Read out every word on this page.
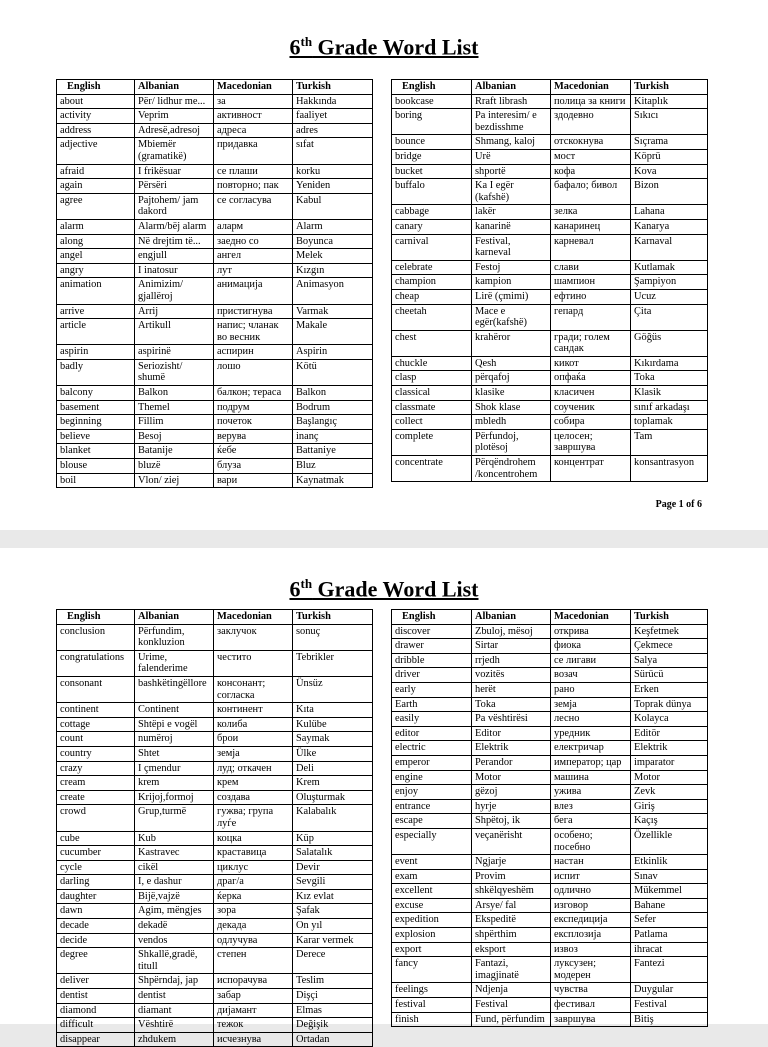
6th Grade Word List
English	Albanian	Macedonian	Turkish
about	Për/ lidhur me...	за	Hakkında
activity	Veprim	активност	faaliyet
address	Adresë,adresoj	адреса	adres
adjective	Mbiemër (gramatikë)	придавка	sıfat
afraid	I frikësuar	се плаши	korku
again	Përsëri	повторно; пак	Yeniden
agree	Pajtohem/ jam dakord	се согласува	Kabul
alarm	Alarm/bëj alarm	аларм	Alarm
along	Në drejtim të...	заедно со	Boyunca
angel	engjull	ангел	Melek
angry	I inatosur	лут	Kızgın
animation	Animizim/ gjallëroj	анимација	Animasyon
arrive	Arrij	пристигнува	Varmak
article	Artikull	напис; чланак во весник	Makale
aspirin	aspirinë	аспирин	Aspirin
badly	Seriozisht/ shumë	лошо	Kötü
balcony	Balkon	балкон; тераса	Balkon
basement	Themel	подрум	Bodrum
beginning	Fillim	почеток	Başlangıç
believe	Besoj	верува	inanç
blanket	Batanije	ќебе	Battaniye
blouse	bluzë	блуза	Bluz
boil	Vlon/ ziej	вари	Kaynatmak
English	Albanian	Macedonian	Turkish
bookcase	Rraft librash	полица за книги	Kitaplık
boring	Pa interesim/ e bezdisshme	здодевно	Sıkıcı
bounce	Shmang, kaloj	отскокнува	Sıçrama
bridge	Urë	мост	Köprü
bucket	shportë	кофа	Kova
buffalo	Ka I egër (kafshë)	бафало; бивол	Bizon
cabbage	lakër	зелка	Lahana
canary	kanarinë	канаринец	Kanarya
carnival	Festival, karneval	карневал	Karnaval
celebrate	Festoj	слави	Kutlamak
champion	kampion	шампион	Şampiyon
cheap	Lirë (çmimi)	ефтино	Ucuz
cheetah	Mace e egër(kafshë)	гепард	Çita
chest	krahëror	гради; голем сандак	Göğüs
chuckle	Qesh	кикот	Kıkırdama
clasp	përqafoj	опфаќа	Toka
classical	klasike	класичен	Klasik
classmate	Shok klase	соученик	sınıf arkadaşı
collect	mbledh	собира	toplamak
complete	Përfundoj, plotësoj	целосен; завршува	Tam
concentrate	Përqëndrohem /koncentrohem	концентрат	konsantrasyon
Page 1 of 6
6th Grade Word List
English	Albanian	Macedonian	Turkish
conclusion	Përfundim, konkluzion	заклучок	sonuç
congratulations	Urime, falenderime	честито	Tebrikler
consonant	bashkëtingëllore	консонант; согласка	Ünsüz
continent	Continent	континент	Kıta
cottage	Shtëpi e vogël	колиба	Kulübe
count	numëroj	брои	Saymak
country	Shtet	земја	Ülke
crazy	I çmendur	луд; откачен	Deli
cream	krem	крем	Krem
create	Krijoj,formoj	создава	Oluşturmak
crowd	Grup,turmë	гужва; група луѓе	Kalabalık
cube	Kub	коцка	Küp
cucumber	Kastravec	краставица	Salatalık
cycle	cikël	циклус	Devir
darling	I, e dashur	драг/а	Sevgili
daughter	Bijë,vajzë	ќерка	Kız evlat
dawn	Agim, mëngjes	зора	Şafak
decade	dekadë	декада	On yıl
decide	vendos	одлучува	Karar vermek
degree	Shkallë,gradë, titull	степен	Derece
deliver	Shpërndaj, jap	испорачува	Teslim
dentist	dentist	забар	Dişçi
diamond	diamant	дијамант	Elmas
difficult	Vështirë	тежок	Değişik
disappear	zhdukem	исчезнува	Ortadan
English	Albanian	Macedonian	Turkish
discover	Zbuloj, mësoj	открива	Keşfetmek
drawer	Sirtar	фиока	Çekmece
dribble	rrjedh	се лигави	Salya
driver	vozitës	возач	Sürücü
early	herët	рано	Erken
Earth	Toka	земја	Toprak dünya
easily	Pa vështirësi	лесно	Kolayca
editor	Editor	уредник	Editör
electric	Elektrik	електричар	Elektrik
emperor	Perandor	император; цар	imparator
engine	Motor	машина	Motor
enjoy	gëzoj	ужива	Zevk
entrance	hyrje	влез	Giriş
escape	Shpëtoj, ik	бега	Kaçış
especially	veçanërisht	особено; посебно	Özellikle
event	Ngjarje	настан	Etkinlik
exam	Provim	испит	Sınav
excellent	shkëlqyeshëm	одлично	Mükemmel
excuse	Arsye/ fal	изговор	Bahane
expedition	Ekspeditë	експедиција	Sefer
explosion	shpërthim	експлозија	Patlama
export	eksport	извоз	ihracat
fancy	Fantazi, imagjinatë	луксузен; модерен	Fantezi
feelings	Ndjenja	чувства	Duygular
festival	Festival	фестивал	Festival
finish	Fund, përfundim	завршува	Bitiş
